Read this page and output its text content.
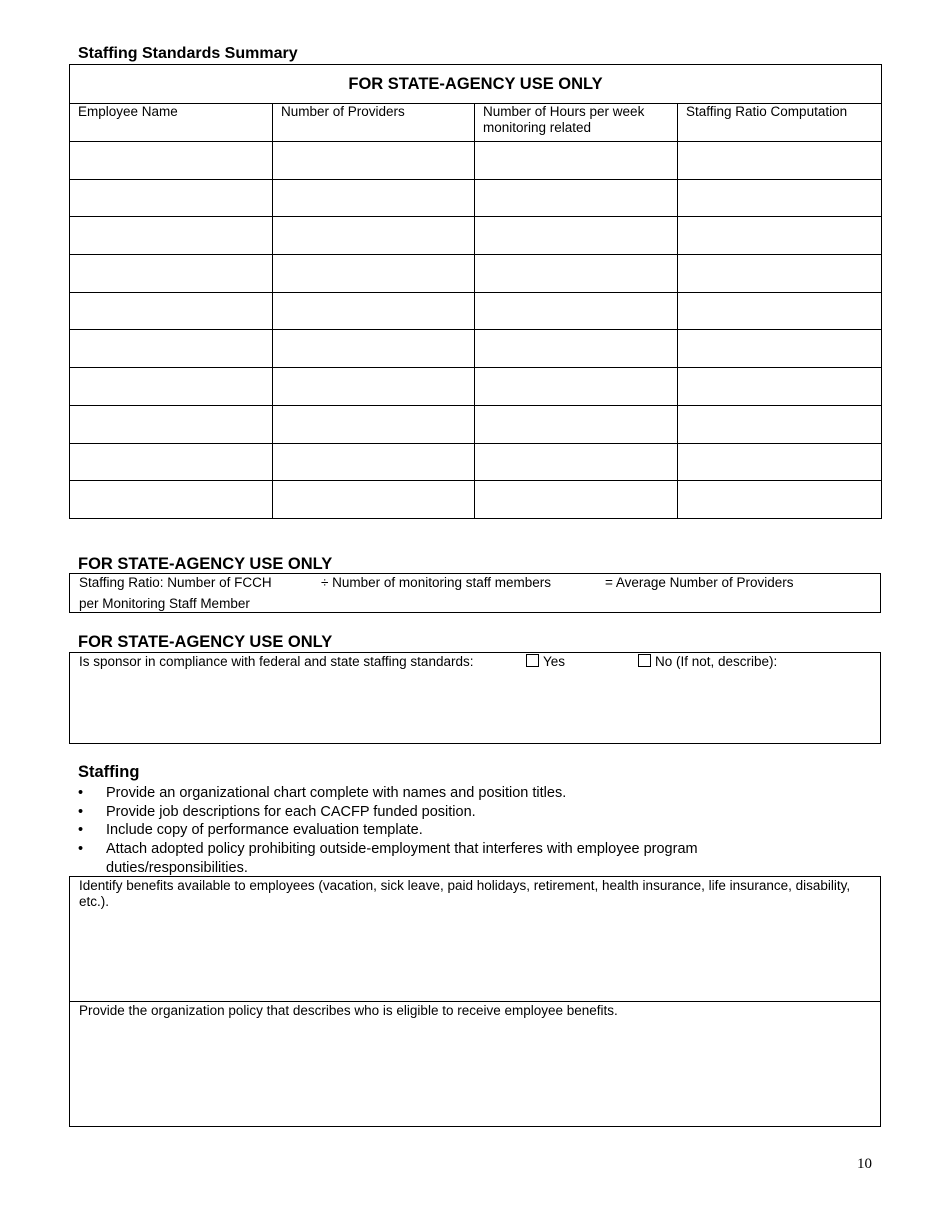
Staffing Standards Summary
FOR STATE-AGENCY USE ONLY			

Employee Name	Number of Providers	Number of Hours per week monitoring related	Staffing Ratio Computation

FOR STATE-AGENCY USE ONLY
Staffing Ratio: Number of FCCH	÷ Number of monitoring staff members	= Average Number of Providers
per Monitoring Staff Member
FOR STATE-AGENCY USE ONLY
Is sponsor in compliance with federal and state staffing standards:	Yes	No (If not, describe):
Staffing
• Provide an organizational chart complete with names and position titles.
• Provide job descriptions for each CACFP funded position.
• Include copy of performance evaluation template.
• Attach adopted policy prohibiting outside-employment that interferes with employee program duties/responsibilities.
Identify benefits available to employees (vacation, sick leave, paid holidays, retirement, health insurance, life insurance, disability, etc.).
Provide the organization policy that describes who is eligible to receive employee benefits.
10
